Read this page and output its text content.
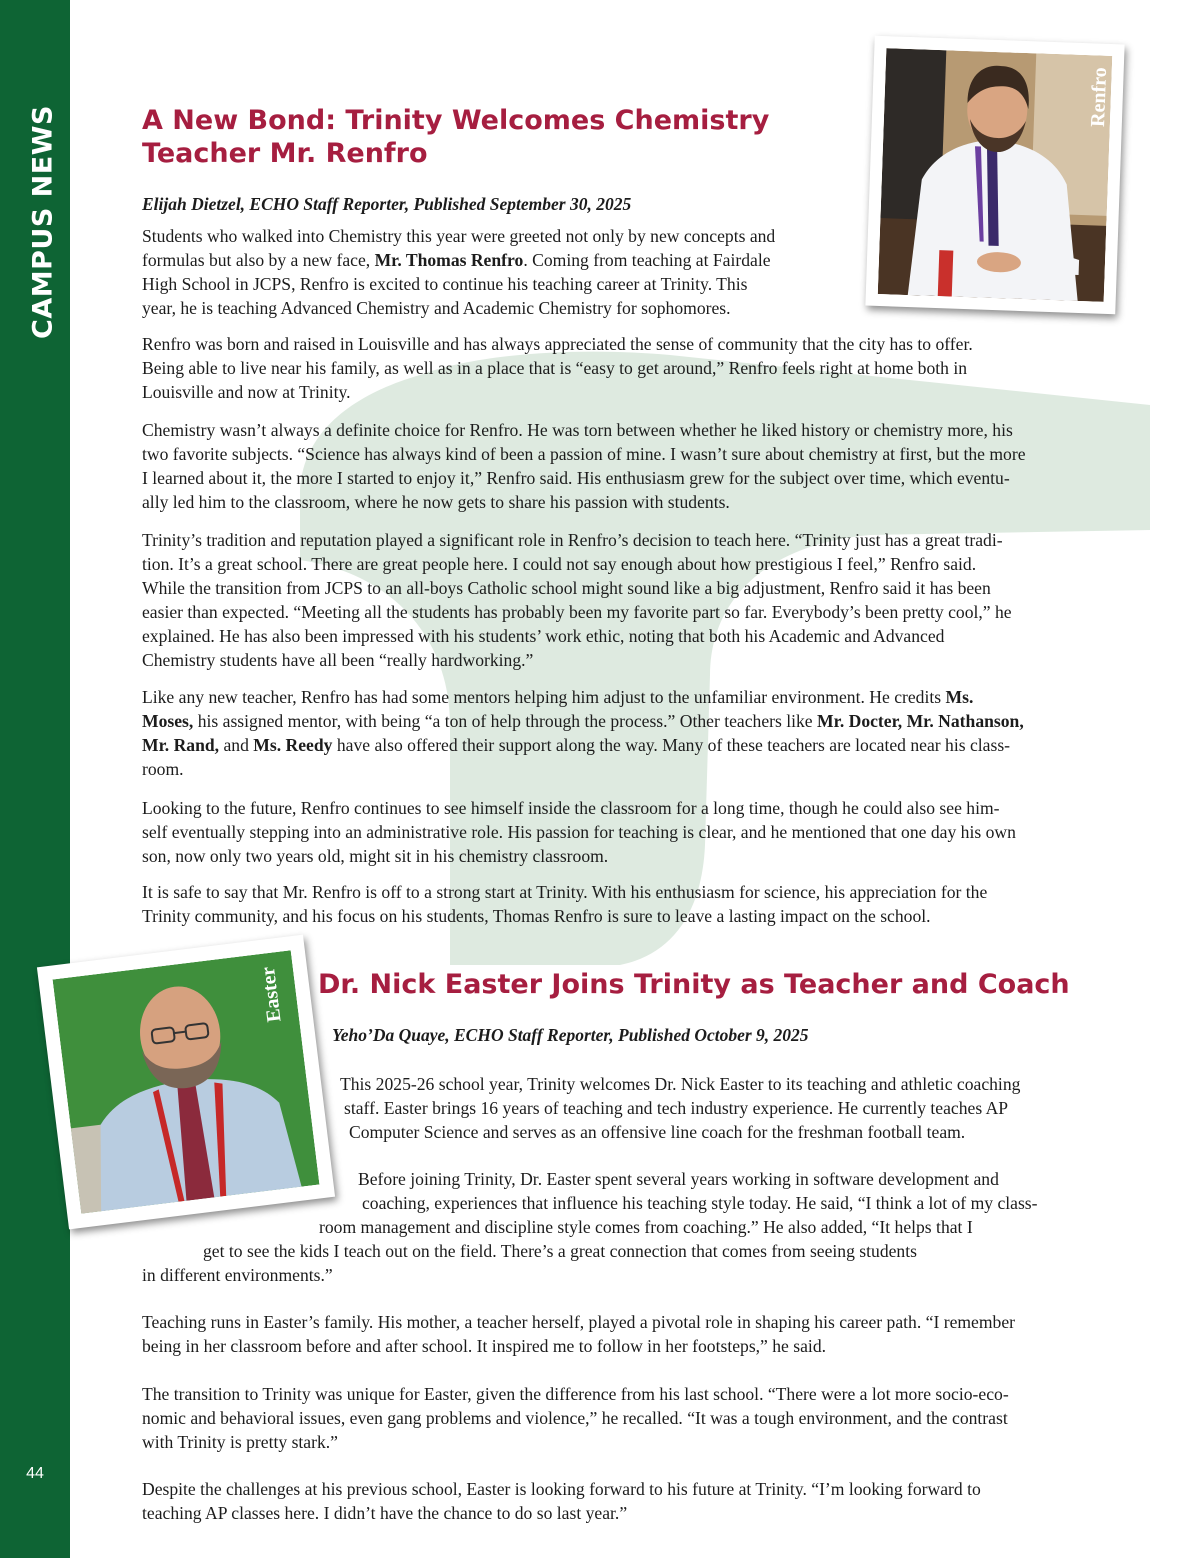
CAMPUS NEWS
44
A New Bond: Trinity Welcomes Chemistry
Teacher Mr. Renfro

Elijah Dietzel, ECHO Staff Reporter, Published September 30, 2025

Students who walked into Chemistry this year were greeted not only by new concepts and
formulas but also by a new face, Mr. Thomas Renfro. Coming from teaching at Fairdale
High School in JCPS, Renfro is excited to continue his teaching career at Trinity. This
year, he is teaching Advanced Chemistry and Academic Chemistry for sophomores.
Renfro was born and raised in Louisville and has always appreciated the sense of community that the city has to offer.
Being able to live near his family, as well as in a place that is “easy to get around,” Renfro feels right at home both in
Louisville and now at Trinity.
Chemistry wasn’t always a definite choice for Renfro. He was torn between whether he liked history or chemistry more, his
two favorite subjects. “Science has always kind of been a passion of mine. I wasn’t sure about chemistry at first, but the more
I learned about it, the more I started to enjoy it,” Renfro said. His enthusiasm grew for the subject over time, which eventu-
ally led him to the classroom, where he now gets to share his passion with students.
Trinity’s tradition and reputation played a significant role in Renfro’s decision to teach here. “Trinity just has a great tradi-
tion. It’s a great school. There are great people here. I could not say enough about how prestigious I feel,” Renfro said.
While the transition from JCPS to an all-boys Catholic school might sound like a big adjustment, Renfro said it has been
easier than expected. “Meeting all the students has probably been my favorite part so far. Everybody’s been pretty cool,” he
explained. He has also been impressed with his students’ work ethic, noting that both his Academic and Advanced
Chemistry students have all been “really hardworking.”
Like any new teacher, Renfro has had some mentors helping him adjust to the unfamiliar environment. He credits Ms.
Moses, his assigned mentor, with being “a ton of help through the process.” Other teachers like Mr. Docter, Mr. Nathanson,
Mr. Rand, and Ms. Reedy have also offered their support along the way. Many of these teachers are located near his class-
room.
Looking to the future, Renfro continues to see himself inside the classroom for a long time, though he could also see him-
self eventually stepping into an administrative role. His passion for teaching is clear, and he mentioned that one day his own
son, now only two years old, might sit in his chemistry classroom.
It is safe to say that Mr. Renfro is off to a strong start at Trinity. With his enthusiasm for science, his appreciation for the
Trinity community, and his focus on his students, Thomas Renfro is sure to leave a lasting impact on the school.
Renfro
Dr. Nick Easter Joins Trinity as Teacher and Coach

Yeho’Da Quaye, ECHO Staff Reporter, Published October 9, 2025

This 2025-26 school year, Trinity welcomes Dr. Nick Easter to its teaching and athletic coaching
staff. Easter brings 16 years of teaching and tech industry experience. He currently teaches AP
Computer Science and serves as an offensive line coach for the freshman football team.
Before joining Trinity, Dr. Easter spent several years working in software development and
coaching, experiences that influence his teaching style today. He said, “I think a lot of my class-
room management and discipline style comes from coaching.” He also added, “It helps that I
get to see the kids I teach out on the field. There’s a great connection that comes from seeing students
in different environments.”
Teaching runs in Easter’s family. His mother, a teacher herself, played a pivotal role in shaping his career path. “I remember
being in her classroom before and after school. It inspired me to follow in her footsteps,” he said.
The transition to Trinity was unique for Easter, given the difference from his last school. “There were a lot more socio-eco-
nomic and behavioral issues, even gang problems and violence,” he recalled. “It was a tough environment, and the contrast
with Trinity is pretty stark.”
Despite the challenges at his previous school, Easter is looking forward to his future at Trinity. “I’m looking forward to
teaching AP classes here. I didn’t have the chance to do so last year.”
Easter
